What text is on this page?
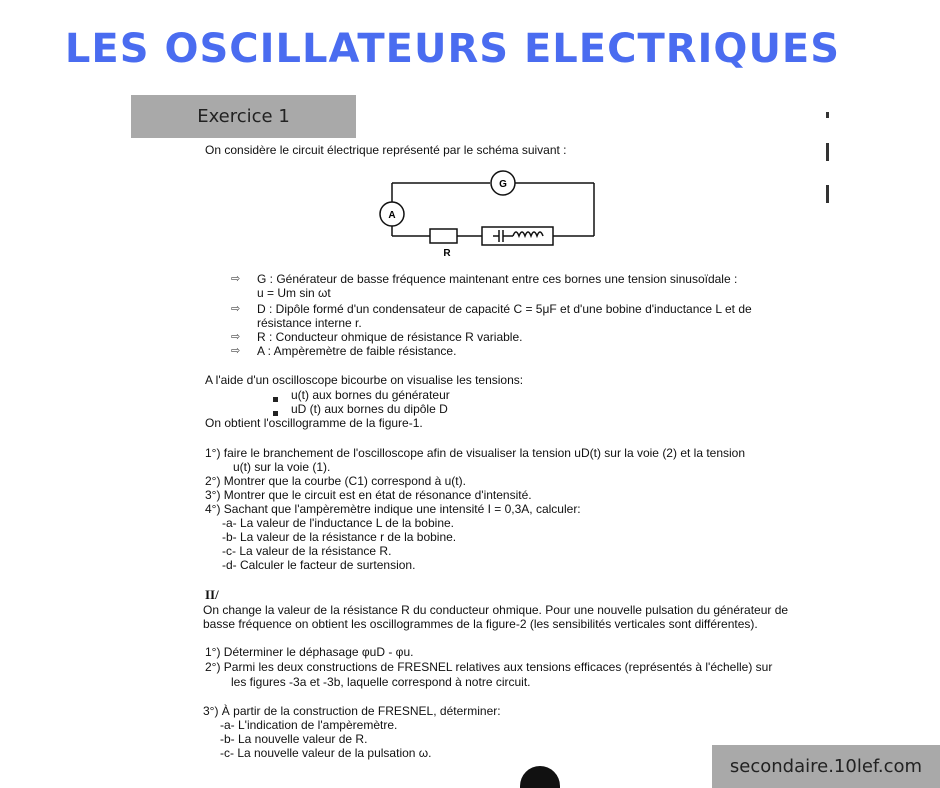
LES OSCILLATEURS ELECTRIQUES
Exercice 1
On considère le circuit électrique représenté par le schéma suivant :
G
A
R
⇨ G : Générateur de basse fréquence maintenant entre ces bornes une tension sinusoïdale :
u = Um sin ωt
⇨ D : Dipôle formé d'un condensateur de capacité C = 5μF et d'une bobine d'inductance L et de
résistance interne r.
⇨ R : Conducteur ohmique de résistance R variable.
⇨ A : Ampèremètre de faible résistance.
A l'aide d'un oscilloscope bicourbe on visualise les tensions:
u(t) aux bornes du générateur
uD (t) aux bornes du dipôle D
On obtient l'oscillogramme de la figure-1.
1°) faire le branchement de l'oscilloscope afin de visualiser la tension uD(t) sur la voie (2) et la tension
u(t) sur la voie (1).
2°) Montrer que la courbe (C1) correspond à u(t).
3°) Montrer que le circuit est en état de résonance d'intensité.
4°) Sachant que l'ampèremètre indique une intensité I = 0,3A, calculer:
-a- La valeur de l'inductance L de la bobine.
-b- La valeur de la résistance r de la bobine.
-c- La valeur de la résistance R.
-d- Calculer le facteur de surtension.
II/
On change la valeur de la résistance R du conducteur ohmique. Pour une nouvelle pulsation du générateur de
basse fréquence on obtient les oscillogrammes de la figure-2 (les sensibilités verticales sont différentes).
1°) Déterminer le déphasage φuD - φu.
2°) Parmi les deux constructions de FRESNEL relatives aux tensions efficaces (représentés à l'échelle) sur
les figures -3a et -3b, laquelle correspond à notre circuit.
3°) À partir de la construction de FRESNEL, déterminer:
-a- L'indication de l'ampèremètre.
-b- La nouvelle valeur de R.
-c- La nouvelle valeur de la pulsation ω.
secondaire.10lef.com
